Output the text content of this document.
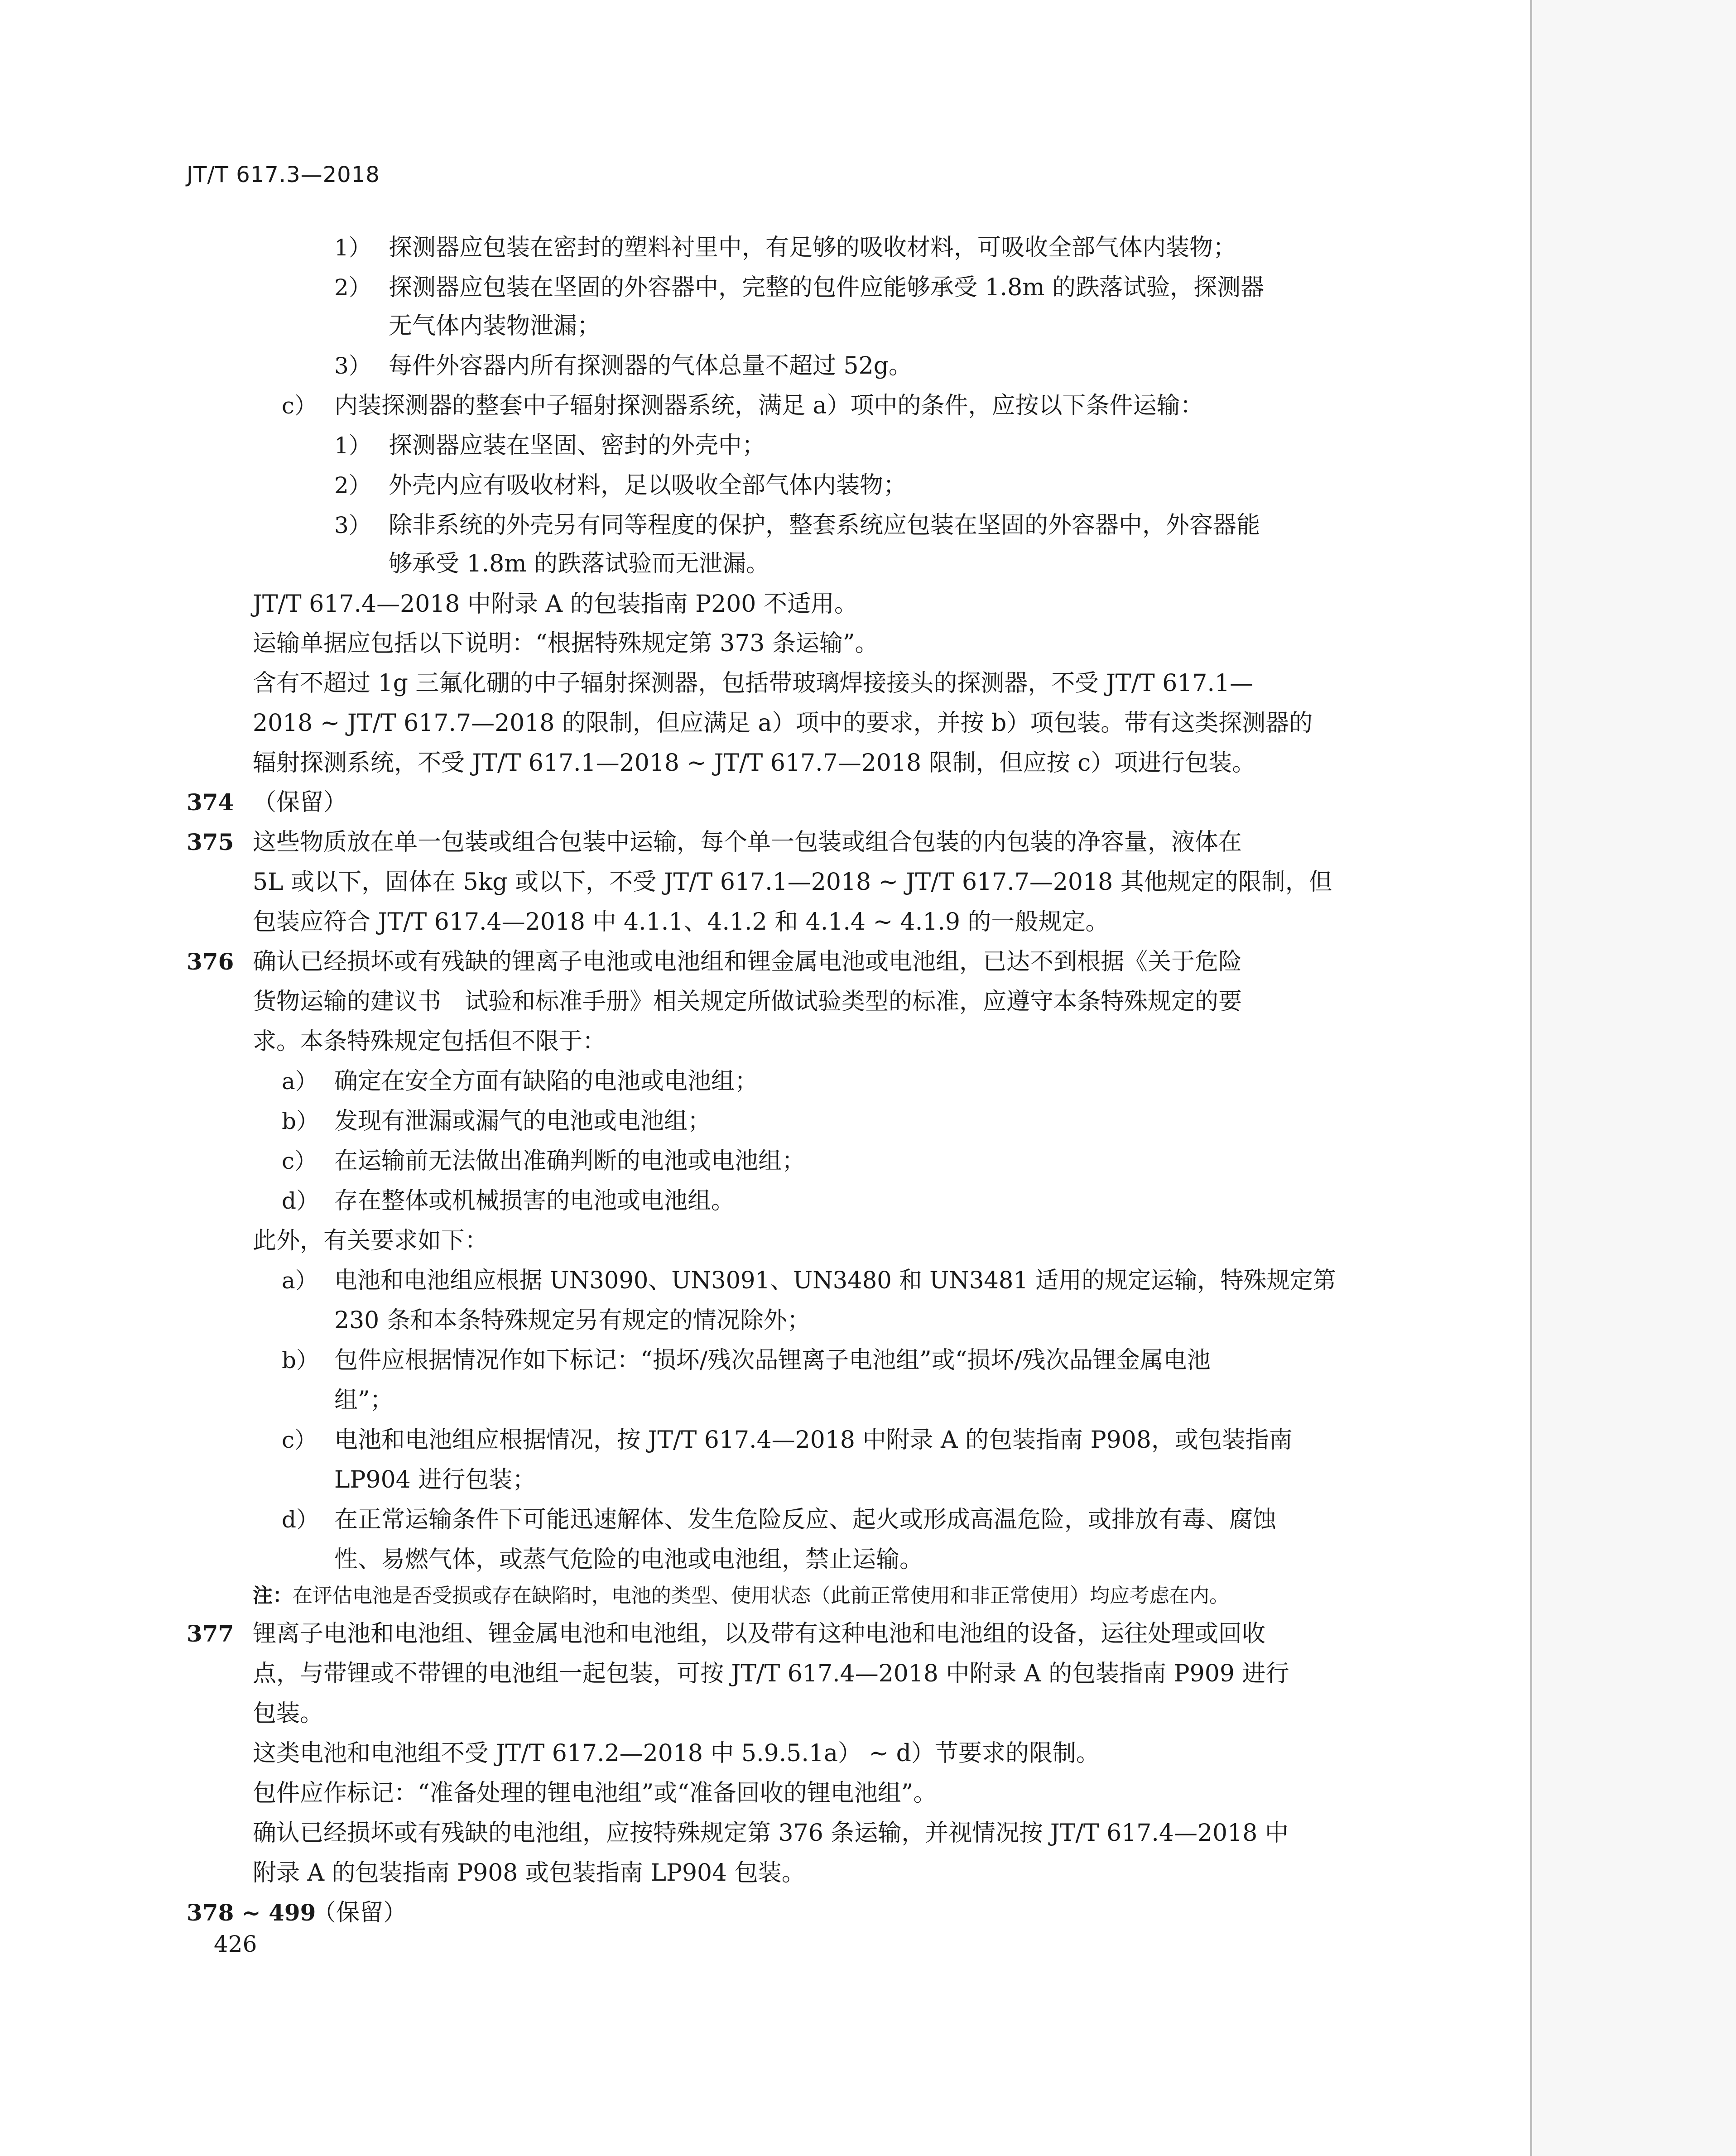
JT/T 617.3—2018
1） 探测器应包装在密封的塑料衬里中，有足够的吸收材料，可吸收全部气体内装物；
2） 探测器应包装在坚固的外容器中，完整的包件应能够承受 1.8m 的跌落试验，探测器
无气体内装物泄漏；
3） 每件外容器内所有探测器的气体总量不超过 52g。
c） 内装探测器的整套中子辐射探测器系统，满足 a）项中的条件，应按以下条件运输：
1） 探测器应装在坚固、密封的外壳中；
2） 外壳内应有吸收材料，足以吸收全部气体内装物；
3） 除非系统的外壳另有同等程度的保护，整套系统应包装在坚固的外容器中，外容器能
够承受 1.8m 的跌落试验而无泄漏。
JT/T 617.4—2018 中附录 A 的包装指南 P200 不适用。
运输单据应包括以下说明：“根据特殊规定第 373 条运输”。
含有不超过 1g 三氟化硼的中子辐射探测器，包括带玻璃焊接接头的探测器，不受 JT/T 617.1—
2018 ~ JT/T 617.7—2018 的限制，但应满足 a）项中的要求，并按 b）项包装。带有这类探测器的
辐射探测系统，不受 JT/T 617.1—2018 ~ JT/T 617.7—2018 限制，但应按 c）项进行包装。
374 （保留）
375 这些物质放在单一包装或组合包装中运输，每个单一包装或组合包装的内包装的净容量，液体在
5L 或以下，固体在 5kg 或以下，不受 JT/T 617.1—2018 ~ JT/T 617.7—2018 其他规定的限制，但
包装应符合 JT/T 617.4—2018 中 4.1.1、4.1.2 和 4.1.4 ~ 4.1.9 的一般规定。
376 确认已经损坏或有残缺的锂离子电池或电池组和锂金属电池或电池组，已达不到根据《关于危险
货物运输的建议书　试验和标准手册》相关规定所做试验类型的标准，应遵守本条特殊规定的要
求。本条特殊规定包括但不限于：
a） 确定在安全方面有缺陷的电池或电池组；
b） 发现有泄漏或漏气的电池或电池组；
c） 在运输前无法做出准确判断的电池或电池组；
d） 存在整体或机械损害的电池或电池组。
此外，有关要求如下：
a） 电池和电池组应根据 UN3090、UN3091、UN3480 和 UN3481 适用的规定运输，特殊规定第
230 条和本条特殊规定另有规定的情况除外；
b） 包件应根据情况作如下标记：“损坏/残次品锂离子电池组”或“损坏/残次品锂金属电池
组”；
c） 电池和电池组应根据情况，按 JT/T 617.4—2018 中附录 A 的包装指南 P908，或包装指南
LP904 进行包装；
d） 在正常运输条件下可能迅速解体、发生危险反应、起火或形成高温危险，或排放有毒、腐蚀
性、易燃气体，或蒸气危险的电池或电池组，禁止运输。
注：在评估电池是否受损或存在缺陷时，电池的类型、使用状态（此前正常使用和非正常使用）均应考虑在内。
377 锂离子电池和电池组、锂金属电池和电池组，以及带有这种电池和电池组的设备，运往处理或回收
点，与带锂或不带锂的电池组一起包装，可按 JT/T 617.4—2018 中附录 A 的包装指南 P909 进行
包装。
这类电池和电池组不受 JT/T 617.2—2018 中 5.9.5.1a） ~ d）节要求的限制。
包件应作标记：“准备处理的锂电池组”或“准备回收的锂电池组”。
确认已经损坏或有残缺的电池组，应按特殊规定第 376 条运输，并视情况按 JT/T 617.4—2018 中
附录 A 的包装指南 P908 或包装指南 LP904 包装。
378 ~ 499
（保留）
426
